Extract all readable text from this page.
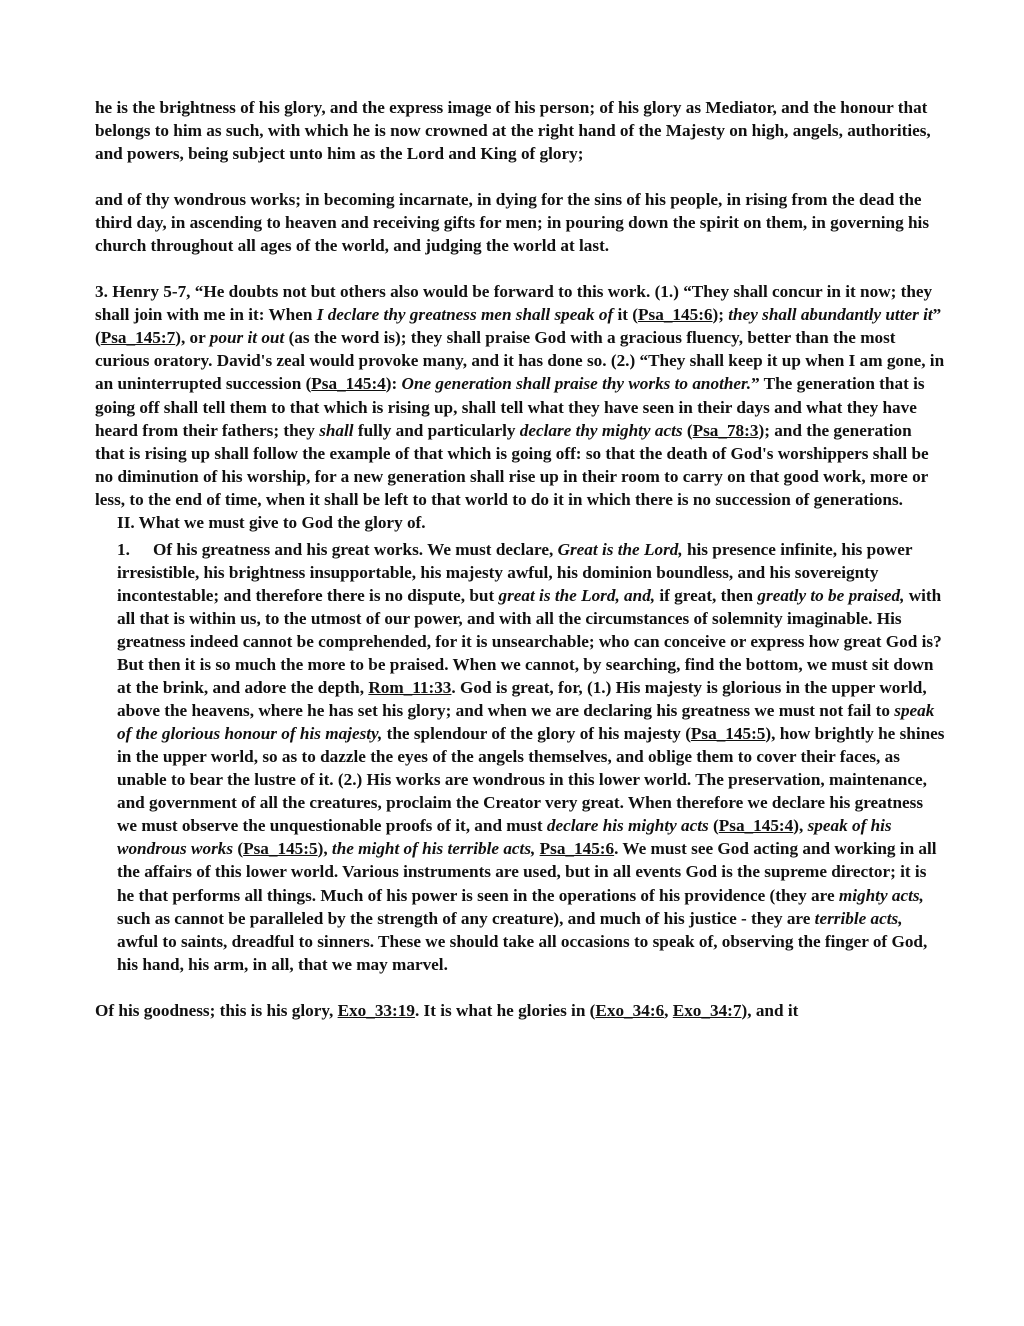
he is the brightness of his glory, and the express image of his person; of his glory as Mediator, and the honour that belongs to him as such, with which he is now crowned at the right hand of the Majesty on high, angels, authorities, and powers, being subject unto him as the Lord and King of glory;

and of thy wondrous works; in becoming incarnate, in dying for the sins of his people, in rising from the dead the third day, in ascending to heaven and receiving gifts for men; in pouring down the spirit on them, in governing his church throughout all ages of the world, and judging the world at last.

3. Henry 5-7, “He doubts not but others also would be forward to this work. (1.) “They shall concur in it now; they shall join with me in it: When I declare thy greatness men shall speak of it (Psa_145:6); they shall abundantly utter it” (Psa_145:7), or pour it out (as the word is); they shall praise God with a gracious fluency, better than the most curious oratory. David's zeal would provoke many, and it has done so. (2.) “They shall keep it up when I am gone, in an uninterrupted succession (Psa_145:4): One generation shall praise thy works to another.” The generation that is going off shall tell them to that which is rising up, shall tell what they have seen in their days and what they have heard from their fathers; they shall fully and particularly declare thy mighty acts (Psa_78:3); and the generation that is rising up shall follow the example of that which is going off: so that the death of God's worshippers shall be no diminution of his worship, for a new generation shall rise up in their room to carry on that good work, more or less, to the end of time, when it shall be left to that world to do it in which there is no succession of generations.

II. What we must give to God the glory of.

1. Of his greatness and his great works. We must declare, Great is the Lord, his presence infinite, his power irresistible, his brightness insupportable, his majesty awful, his dominion boundless, and his sovereignty incontestable; and therefore there is no dispute, but great is the Lord, and, if great, then greatly to be praised, with all that is within us, to the utmost of our power, and with all the circumstances of solemnity imaginable. His greatness indeed cannot be comprehended, for it is unsearchable; who can conceive or express how great God is? But then it is so much the more to be praised. When we cannot, by searching, find the bottom, we must sit down at the brink, and adore the depth, Rom_11:33. God is great, for, (1.) His majesty is glorious in the upper world, above the heavens, where he has set his glory; and when we are declaring his greatness we must not fail to speak of the glorious honour of his majesty, the splendour of the glory of his majesty (Psa_145:5), how brightly he shines in the upper world, so as to dazzle the eyes of the angels themselves, and oblige them to cover their faces, as unable to bear the lustre of it. (2.) His works are wondrous in this lower world. The preservation, maintenance, and government of all the creatures, proclaim the Creator very great. When therefore we declare his greatness we must observe the unquestionable proofs of it, and must declare his mighty acts (Psa_145:4), speak of his wondrous works (Psa_145:5), the might of his terrible acts, Psa_145:6. We must see God acting and working in all the affairs of this lower world. Various instruments are used, but in all events God is the supreme director; it is he that performs all things. Much of his power is seen in the operations of his providence (they are mighty acts, such as cannot be paralleled by the strength of any creature), and much of his justice - they are terrible acts, awful to saints, dreadful to sinners. These we should take all occasions to speak of, observing the finger of God, his hand, his arm, in all, that we may marvel.

Of his goodness; this is his glory, Exo_33:19. It is what he glories in (Exo_34:6, Exo_34:7), and it
